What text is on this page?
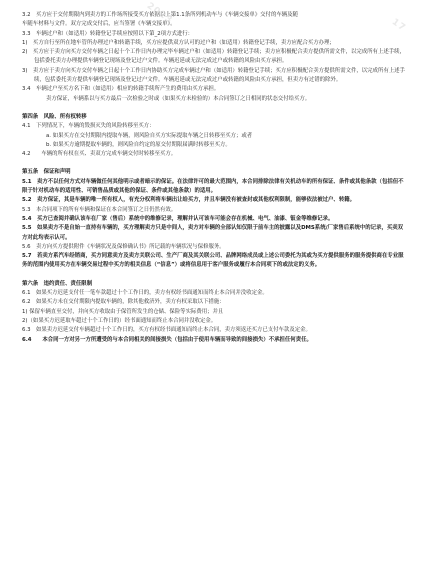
2023	17

3.2　买方应于交付期限内到卖方的工作场所接受买方依据以上第1.1条所列机动车与《车辆交接单》交付的车辆及随

车随车材料与文件。双方完成交付后，应当签署《车辆交接单》。

3.3　车辆过户和（如适用）转籍登记手续应按照以下第_2项方式进行：

1)　买方自行至所在地车管所办理过户和转籍手续，买方应提供双方认可的过户和（如适用）转籍登记手续，卖方应配合买方办理；

2)　买方应于卖方向买方交付车辆之日起十个工作日内办理完毕车辆过户和（如适用）转籍登记手续；卖方应积极配合卖方提供所需文件，以完成所有上述手续，包括委托卖方办理提供车辆登记现场及登记过户文件。车辆迟延或无法完成过户或转籍的风险由买方承担。

3)　卖方应于卖方向买方交付车辆之日起十个工作日内协助买方完成车辆过户和（如适用）转籍登记手续；买方应积极配合卖方提供所需文件，以完成所有上述手续，包括委托卖方提供车辆登记现场及登记过户文件。车辆迟延或无法完成过户或转籍的风险由买方承担，但卖方有过错的除外。

3.4　车辆过户至买方名下和（如适用）相应的转籍手续所产生的费用由买方承担。

卖方保证，车辆系以与买方最后一次检验之时或（如果买方未检验的）本合同签订之日相同的状态交付给买方。

第四条　风险、所有权转移

4.1　下列情况下，车辆的毁损灭失的风险转移至买方：

a. 如果买方在交付期限内提取车辆，则风险自买方实际提取车辆之日转移至买方；或者

b. 如果买方逾期提取车辆的，则风险自约定的原交付期限届满时转移至买方。

4.2　　车辆的所有权在买、卖双方完成车辆交付时转移至买方。

第五条　保证和声明

5.1　卖方不以任何方式对车辆做任何其他明示或者暗示的保证。在法律许可的最大范围内，本合同排除法律有关机动车的所有保证、条件或其他条款（包括但不限于针对机动车的适用性、可销售品质或其他的保证、条件或其他条款）的适用。

5.2　卖方保证，其是车辆的唯一所有权人，有充分权利将车辆出让给买方，并且车辆没有被查封或其他权利限制，能够依法被过户、转籍。

5.3　本合同项下的所有车辆和保证在本合同签订之日仍然有效。

5.4　买方已查阅并确认该车在厂家（售后）系统中的维修记录，理解并认可该车可能会存在机械、电气、油漆、钣金等维修记录。

5.5　如果卖方不是自始一直持有车辆的，买方理解卖方只是中间人，卖方对车辆的全部认知仅限于前车主的披露以及DMS系统/厂家售后系统中的记录，买卖双方对此均表示认可。

5.6　卖方向买方提供附件《车辆状况及保修确认书》所记载的车辆状况与保修服务。

5.7　若卖方系汽车经销商，买方同意卖方及卖方关联公司、生产厂商及其关联公司、品牌网络成员或上述公司委托为其或为买方提供服务的服务提供商在专业服务的范围内使用买方在车辆交易过程中买方的相关信息（“信息”）或将信息用于客户服务或履行本合同项下的或法定的义务。

第六条　违约责任、责任限制

6.1　如果买方迟延支付任一笔车款超过十个工作日的，卖方有权经书面通知而终止本合同并没收定金。

6.2　如果买方未在交付期限内提取车辆的，除其他救济外，卖方有权采取以下措施：

1) 保留车辆直至交付，并向买方收取由于保管所发生的仓储、保险等实际费用；并且

2)（如果买方迟延取车超过十个工作日的）经书面通知而终止本合同并没收定金。

6.3　如果卖方迟延交付车辆超过十个工作日的，买方有权经书面通知而终止本合同，卖方须返还买方已支付车款及定金。

6.4　　本合同一方对另一方所遭受的与本合同相关的间接损失（包括由于使用车辆而导致的间接损失）不承担任何责任。
